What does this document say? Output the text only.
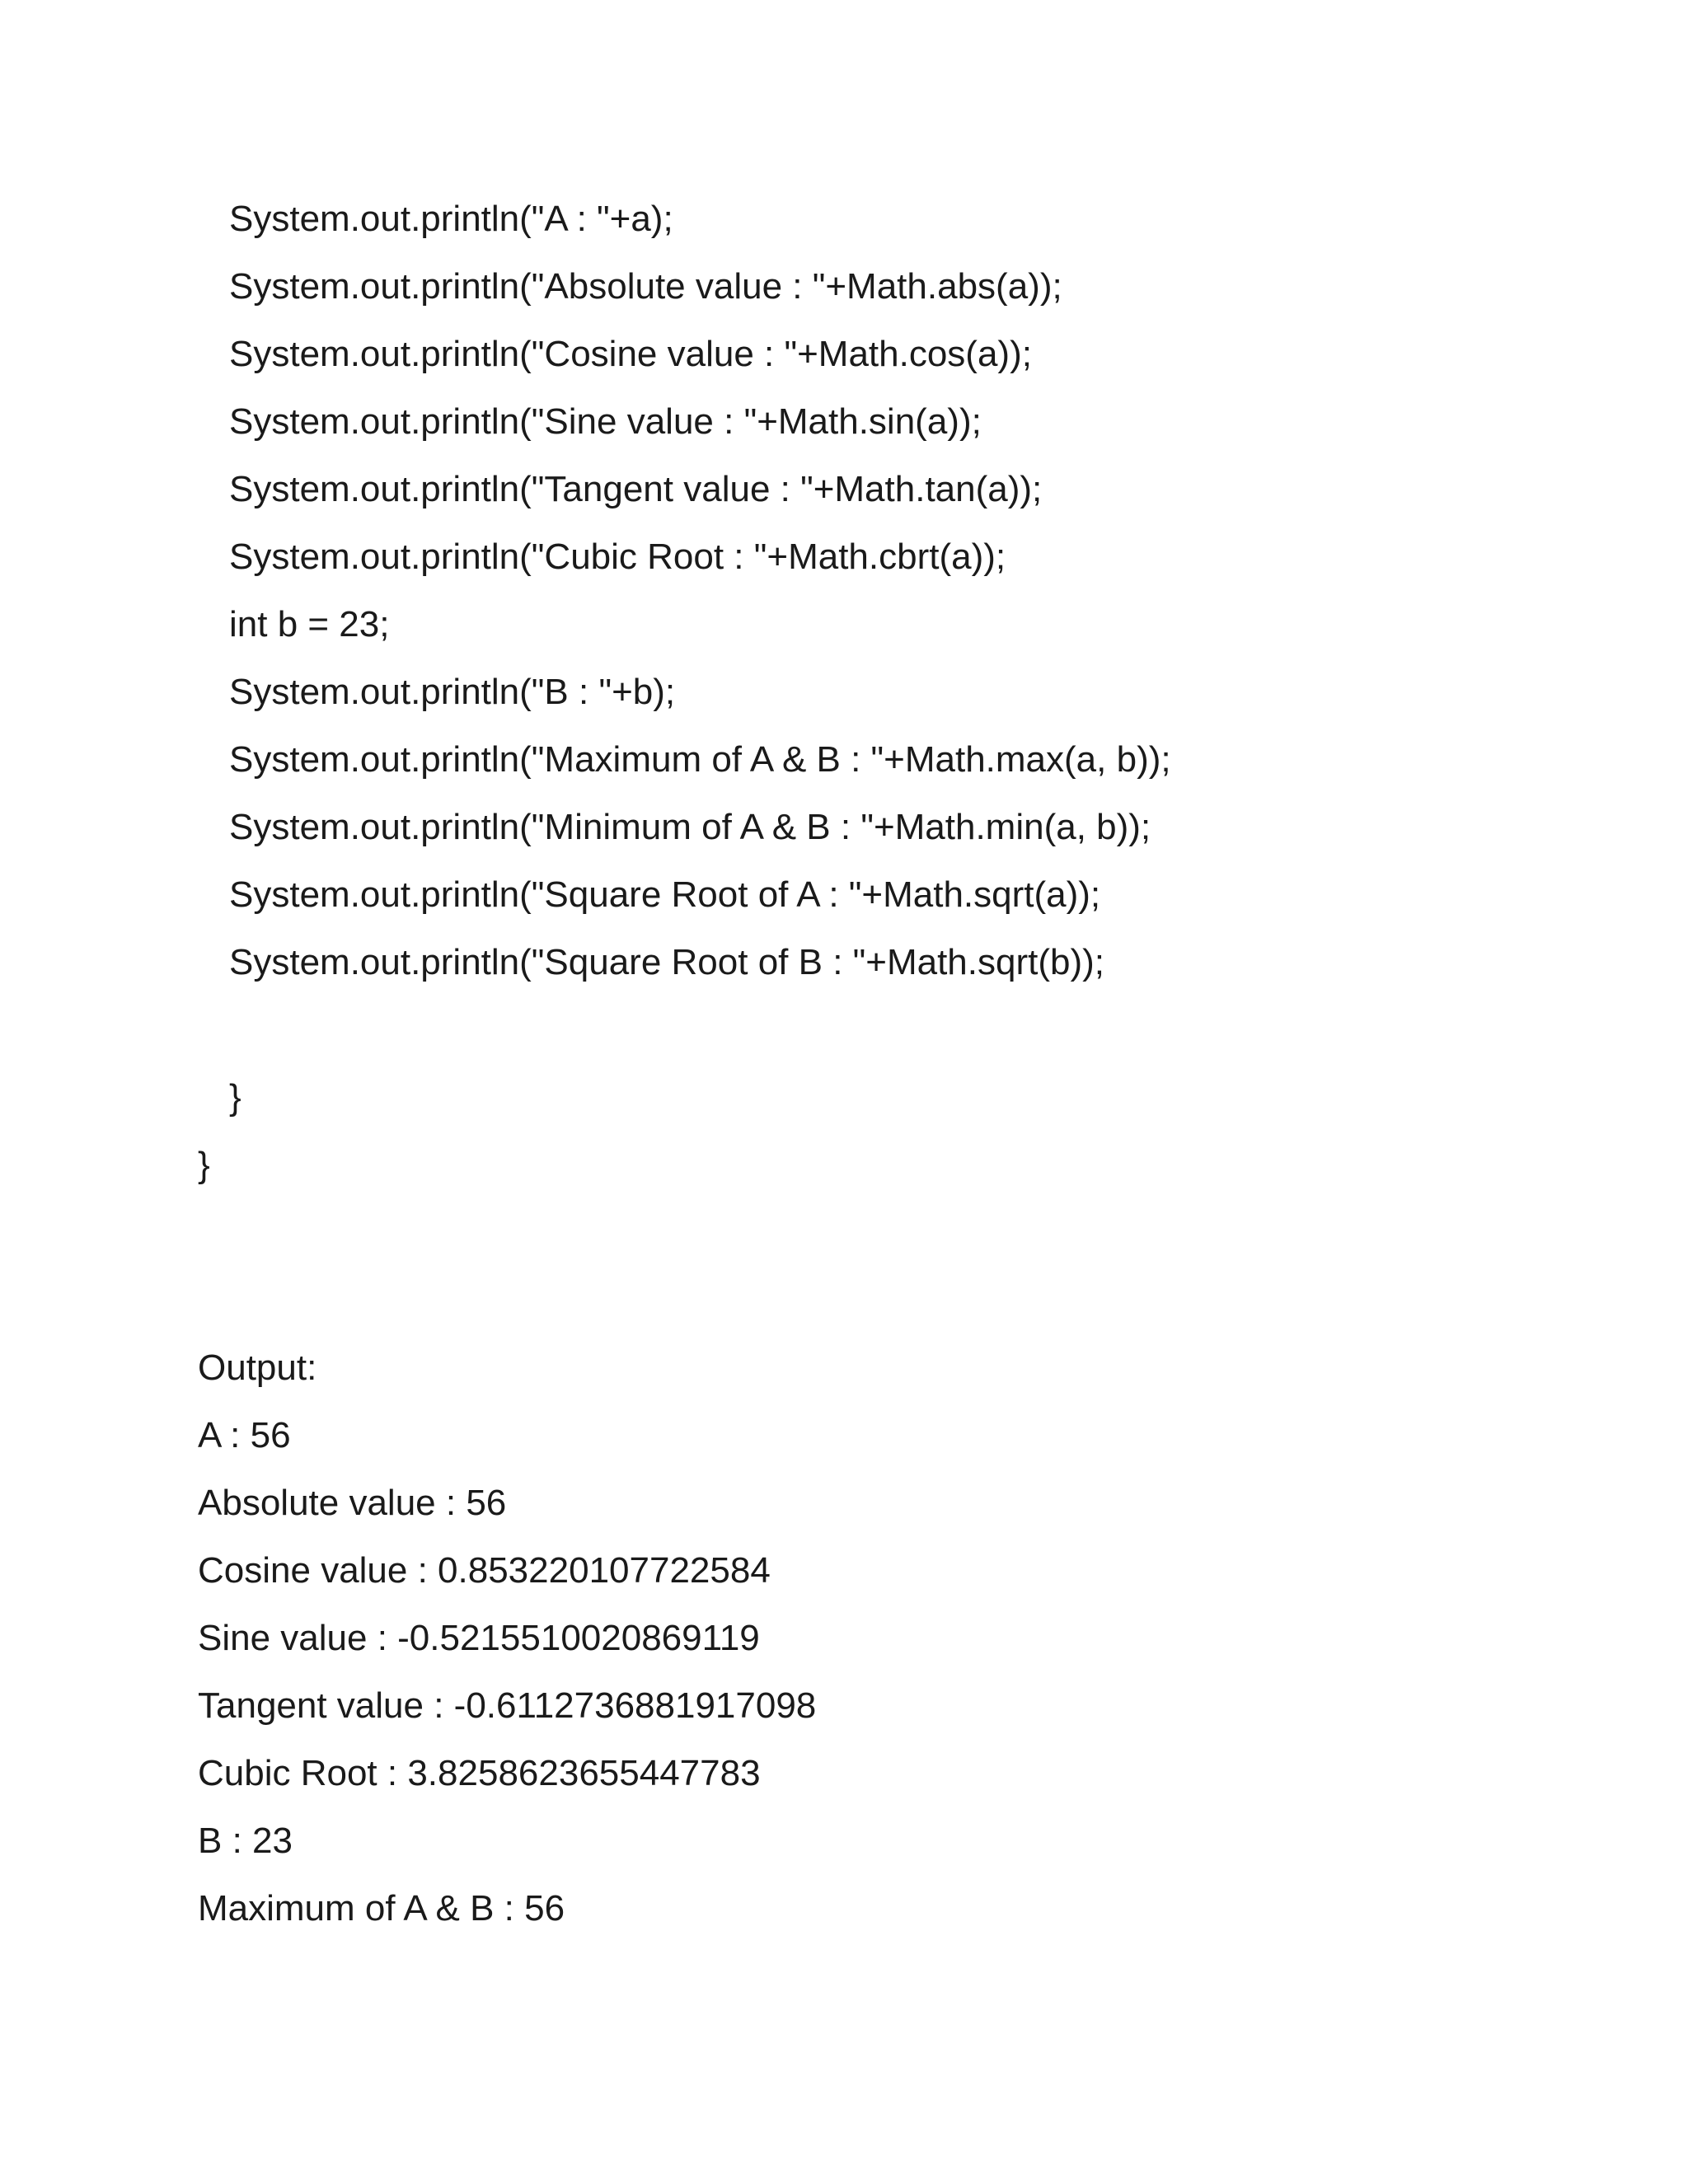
System.out.println("A : "+a);
System.out.println("Absolute value : "+Math.abs(a));
System.out.println("Cosine value : "+Math.cos(a));
System.out.println("Sine value : "+Math.sin(a));
System.out.println("Tangent value : "+Math.tan(a));
System.out.println("Cubic Root : "+Math.cbrt(a));
int b = 23;
System.out.println("B : "+b);
System.out.println("Maximum of A & B : "+Math.max(a, b));
System.out.println("Minimum of A & B : "+Math.min(a, b));
System.out.println("Square Root of A : "+Math.sqrt(a));
System.out.println("Square Root of B : "+Math.sqrt(b));
}
}
Output:
A : 56
Absolute value : 56
Cosine value : 0.853220107722584
Sine value : -0.5215510020869119
Tangent value : -0.6112736881917098
Cubic Root : 3.8258623655447783
B : 23
Maximum of A & B : 56
